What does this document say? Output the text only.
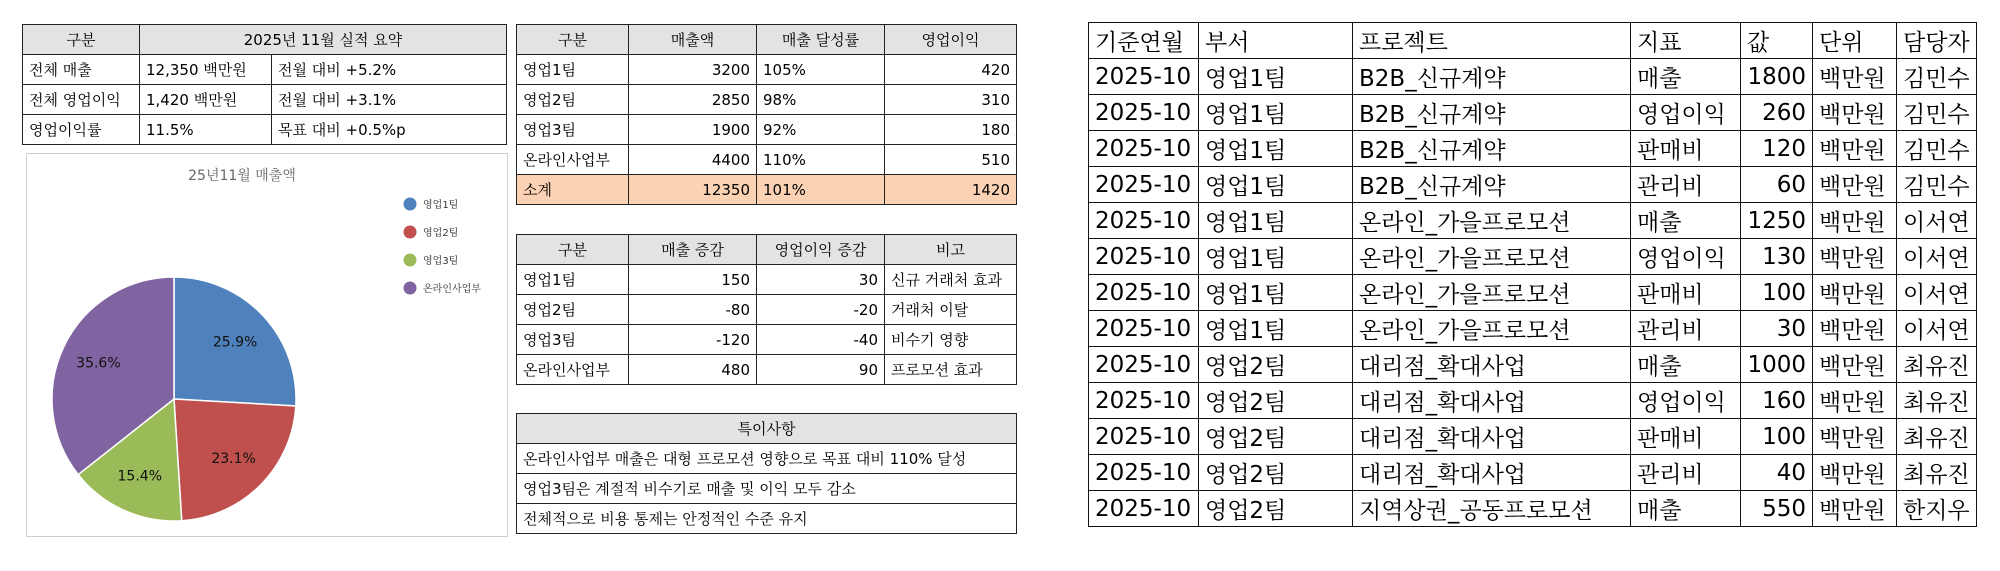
구분	2025년 11월 실적 요약	
전체 매출	12,350 백만원	전월 대비 +5.2%
전체 영업이익	1,420 백만원	전월 대비 +3.1%
영업이익률	11.5%	목표 대비 +0.5%p
25년11월 매출액
25.9%
23.1%
15.4%
35.6%
영업1팀
영업2팀
영업3팀
온라인사업부
구분	매출액	매출 달성률	영업이익
영업1팀	3200	105%	420
영업2팀	2850	98%	310
영업3팀	1900	92%	180
온라인사업부	4400	110%	510
소계	12350	101%	1420
구분	매출 증감	영업이익 증감	비고
영업1팀	150	30	신규 거래처 효과
영업2팀	-80	-20	거래처 이탈
영업3팀	-120	-40	비수기 영향
온라인사업부	480	90	프로모션 효과
특이사항
온라인사업부 매출은 대형 프로모션 영향으로 목표 대비 110% 달성
영업3팀은 계절적 비수기로 매출 및 이익 모두 감소
전체적으로 비용 통제는 안정적인 수준 유지
기준연월	부서	프로젝트	지표	값	단위	담당자
2025-10	영업1팀	B2B_신규계약	매출	1800	백만원	김민수
2025-10	영업1팀	B2B_신규계약	영업이익	260	백만원	김민수
2025-10	영업1팀	B2B_신규계약	판매비	120	백만원	김민수
2025-10	영업1팀	B2B_신규계약	관리비	60	백만원	김민수
2025-10	영업1팀	온라인_가을프로모션	매출	1250	백만원	이서연
2025-10	영업1팀	온라인_가을프로모션	영업이익	130	백만원	이서연
2025-10	영업1팀	온라인_가을프로모션	판매비	100	백만원	이서연
2025-10	영업1팀	온라인_가을프로모션	관리비	30	백만원	이서연
2025-10	영업2팀	대리점_확대사업	매출	1000	백만원	최유진
2025-10	영업2팀	대리점_확대사업	영업이익	160	백만원	최유진
2025-10	영업2팀	대리점_확대사업	판매비	100	백만원	최유진
2025-10	영업2팀	대리점_확대사업	관리비	40	백만원	최유진
2025-10	영업2팀	지역상권_공동프로모션	매출	550	백만원	한지우
